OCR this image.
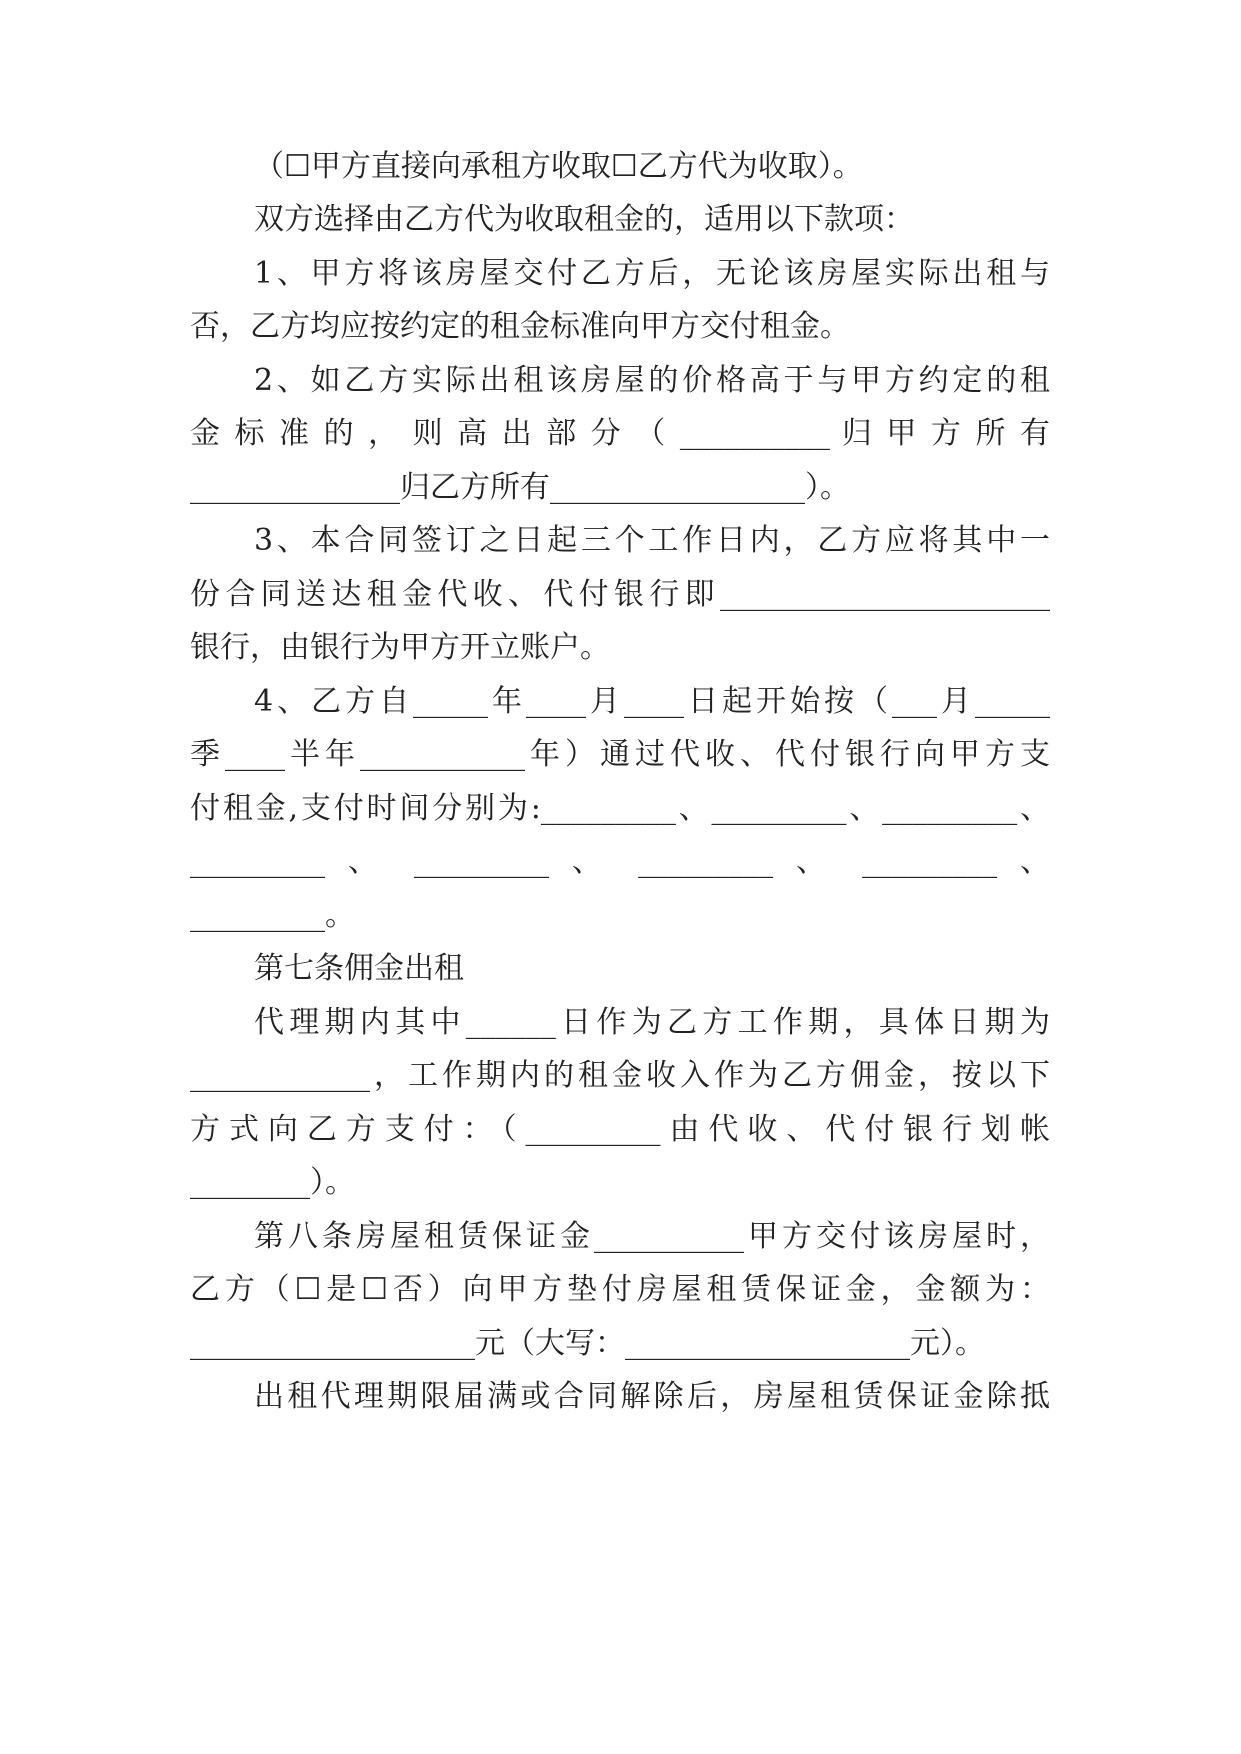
（☐甲方直接向承租方收取☐乙方代为收取）。
双方选择由乙方代为收取租金的，适用以下款项：
1、甲方将该房屋交付乙方后，无论该房屋实际出租与
否，乙方均应按约定的租金标准向甲方交付租金。
2、如乙方实际出租该房屋的价格高于与甲方约定的租
金 标 准 的 ， 则 高 出 部 分 （ __________ 归 甲 方 所 有
______________归乙方所有_________________）。
3、本合同签订之日起三个工作日内，乙方应将其中一
份合同送达租金代收、代付银行即______________________
银行，由银行为甲方开立账户。
4、乙方自_____年____月____日起开始按（___月_____
季____半年___________年）通过代收、代付银行向甲方支
付租金,支付时间分别为:_________、_________、_________、
_________ 、 _________ 、 _________ 、 _________ 、
_________。
第七条佣金出租
代理期内其中______日作为乙方工作期，具体日期为
____________，工作期内的租金收入作为乙方佣金，按以下
方式向乙方支付：（_________由代收、代付银行划帐
________）。
第八条房屋租赁保证金__________甲方交付该房屋时，
乙方（☐是☐否）向甲方垫付房屋租赁保证金，金额为：
___________________元（大写：___________________元）。
出租代理期限届满或合同解除后，房屋租赁保证金除抵
